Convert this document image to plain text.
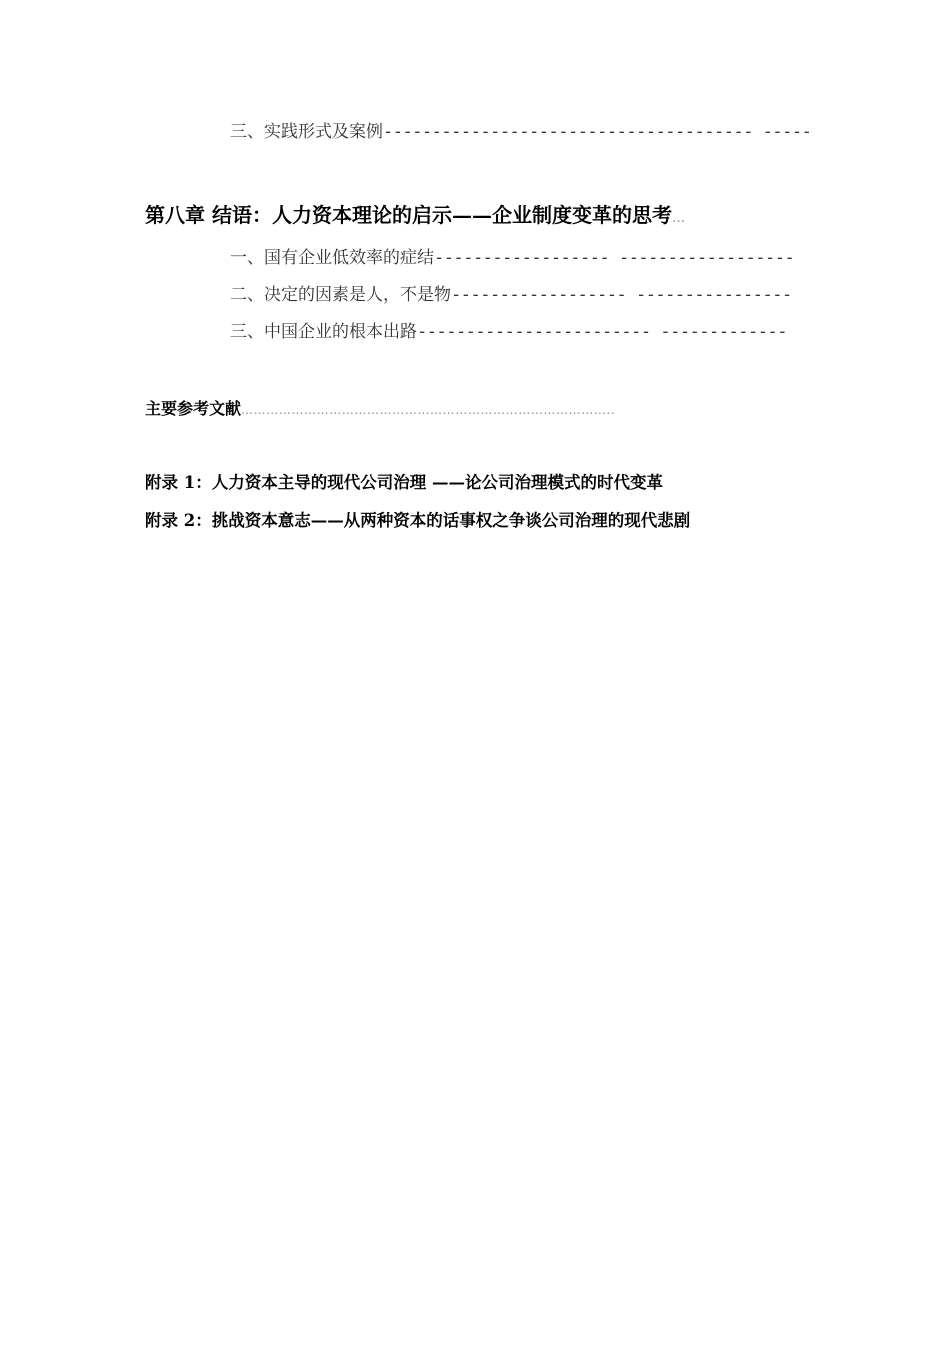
三、实践形式及案例-------------------------------------- -----
第八章 结语：人力资本理论的启示——企业制度变革的思考…
一、国有企业低效率的症结------------------ ------------------
二、决定的因素是人，不是物------------------ ----------------
三、中国企业的根本出路------------------------ -------------
主要参考文献……………………………………………………………………………..
附录 1：人力资本主导的现代公司治理 ——论公司治理模式的时代变革
附录 2：挑战资本意志——从两种资本的话事权之争谈公司治理的现代悲剧
